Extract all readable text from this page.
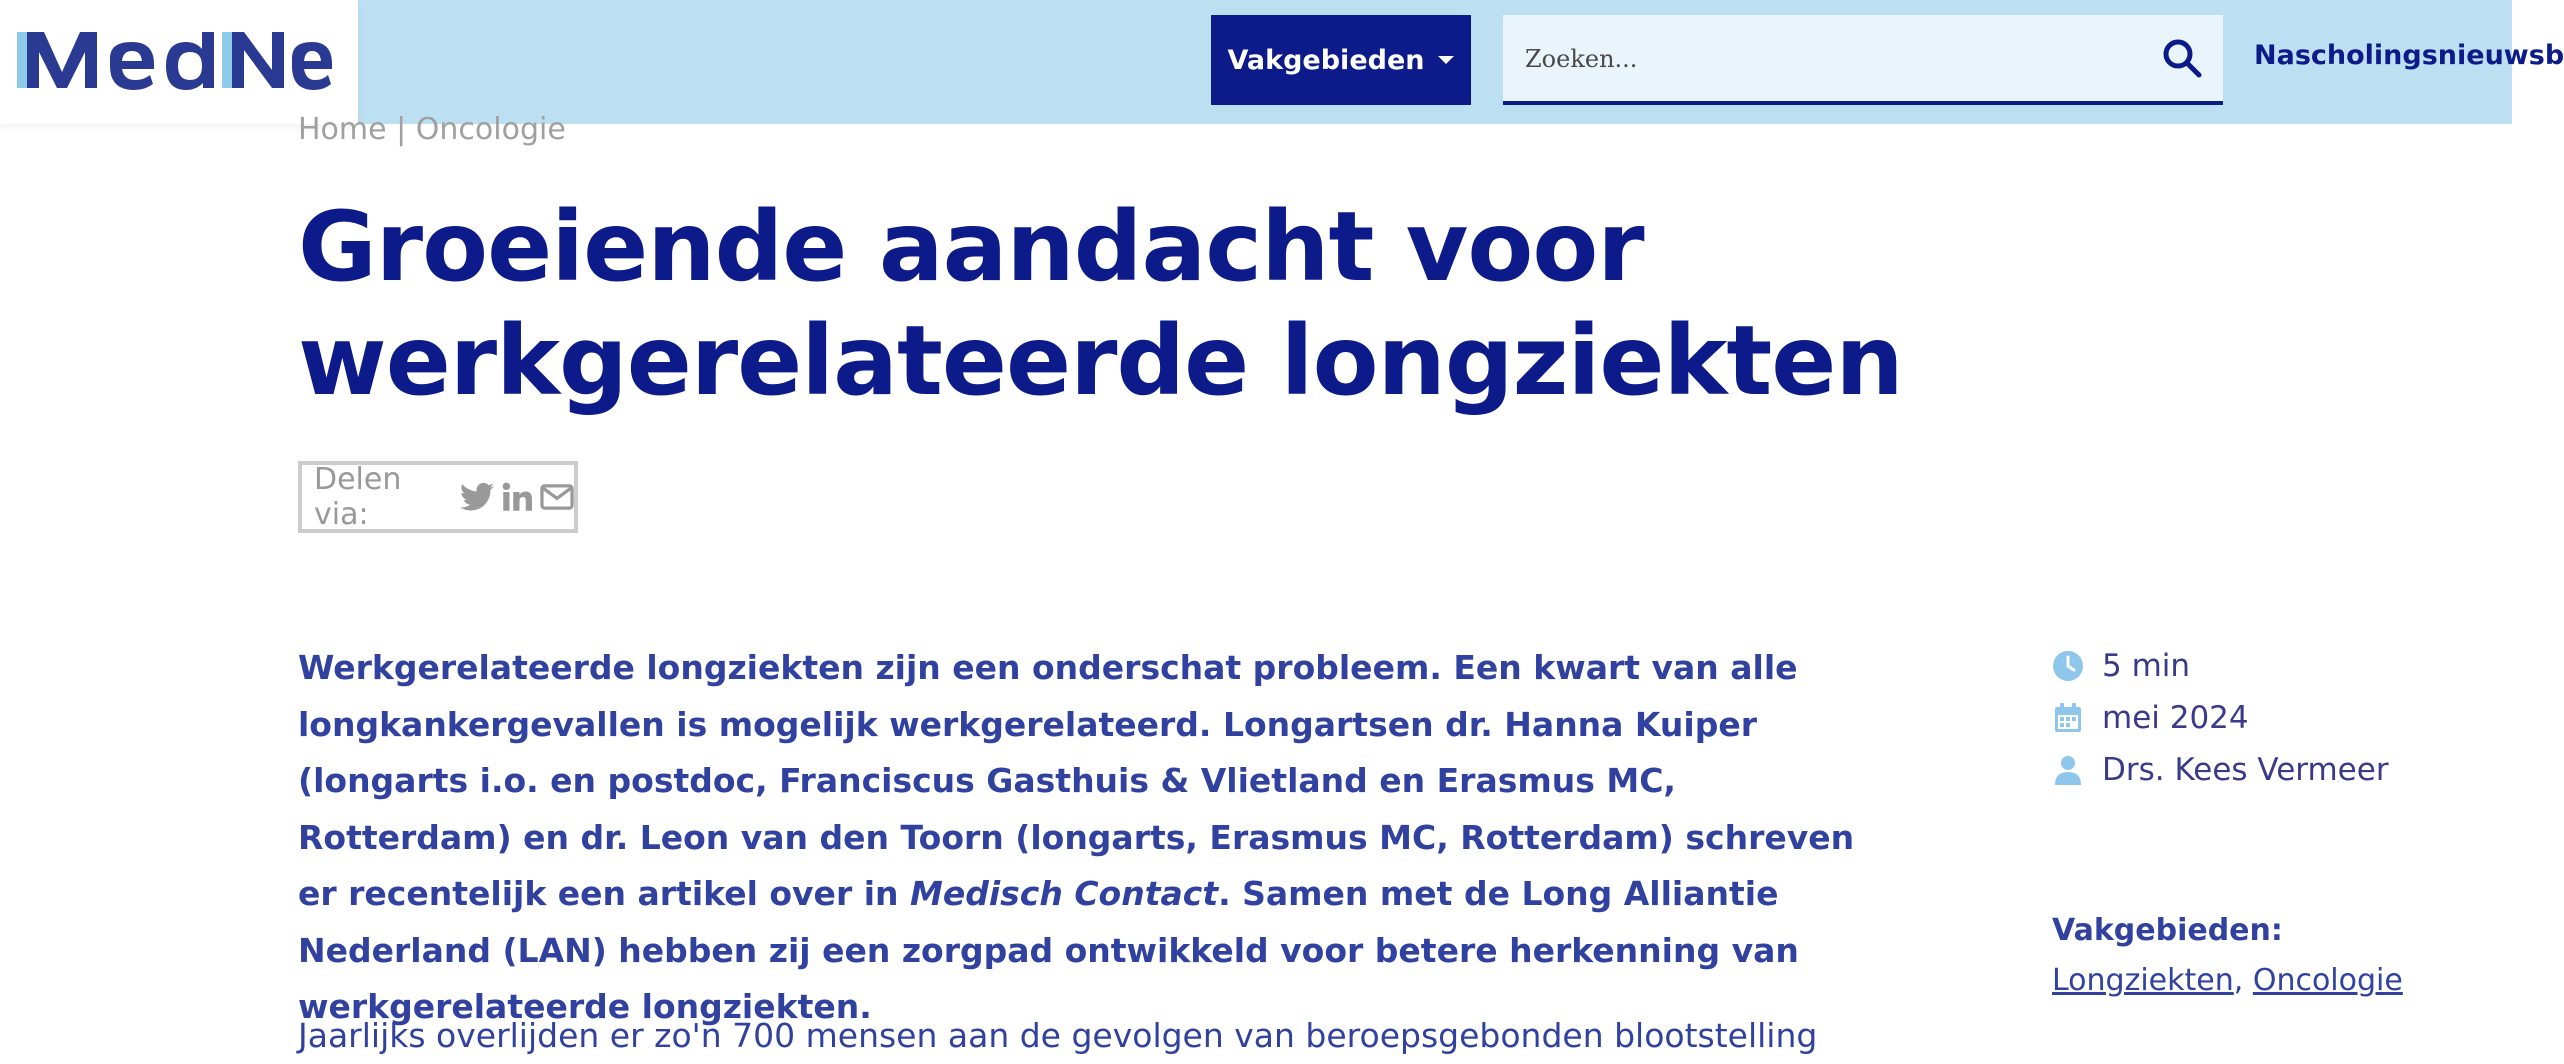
Vakgebieden
Zoeken...	Nascholingsnieuwsb
Home | Oncologie
Groeiende aandacht voor werkgerelateerde longziekten
Delen via:

Werkgerelateerde longziekten zijn een onderschat probleem. Een kwart van alle longkankergevallen is mogelijk werkgerelateerd. Longartsen dr. Hanna Kuiper (longarts i.o. en postdoc, Franciscus Gasthuis & Vlietland en Erasmus MC, Rotterdam) en dr. Leon van den Toorn (longarts, Erasmus MC, Rotterdam) schreven er recentelijk een artikel over in Medisch Contact. Samen met de Long Alliantie Nederland (LAN) hebben zij een zorgpad ontwikkeld voor betere herkenning van werkgerelateerde longziekten.

Jaarlijks overlijden er zo'n 700 mensen aan de gevolgen van beroepsgebonden blootstelling

5 min
mei 2024
Drs. Kees Vermeer
Vakgebieden:
Longziekten, Oncologie
